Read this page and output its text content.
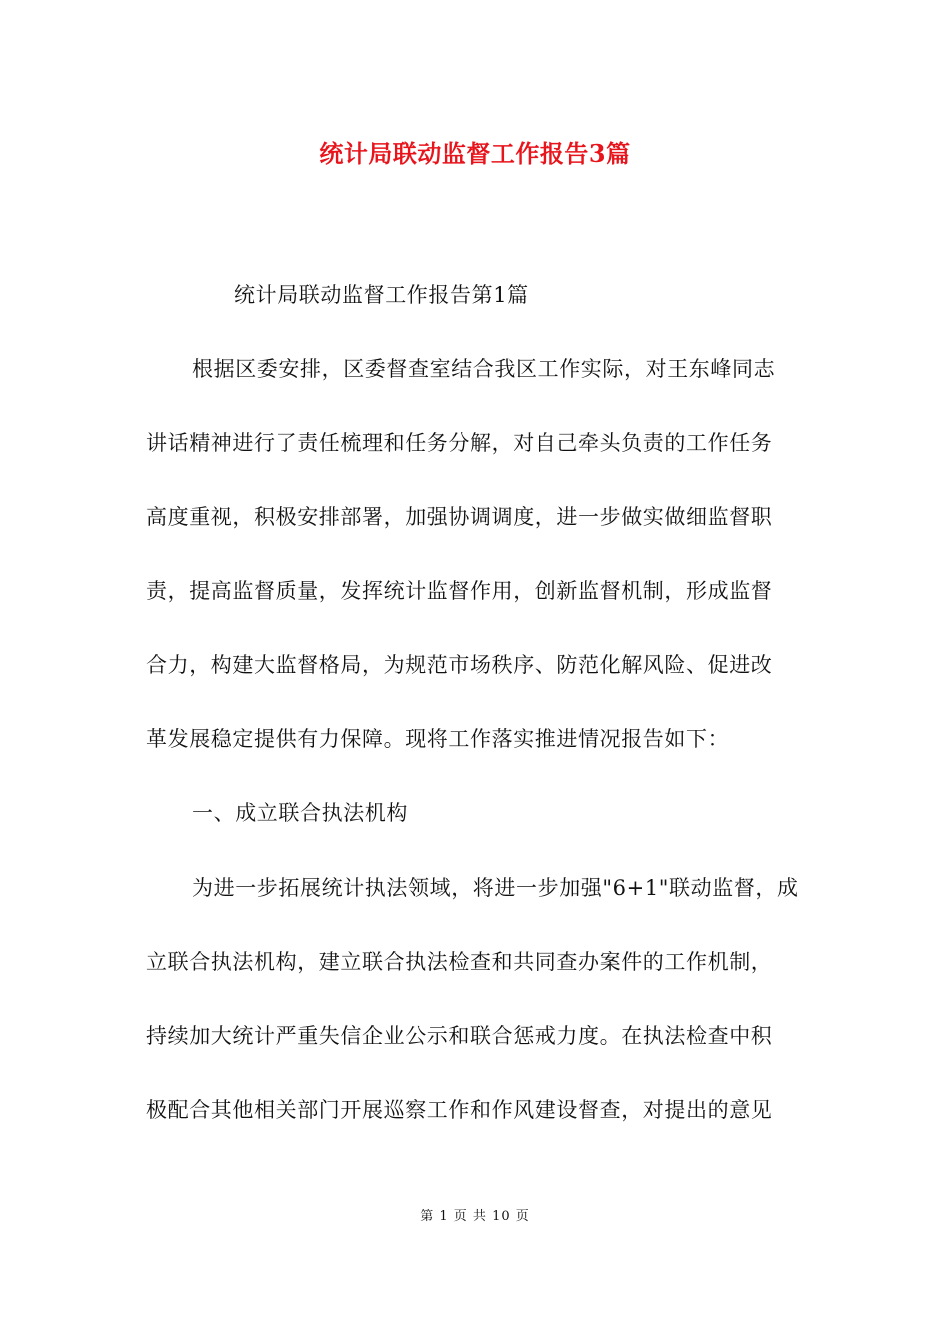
统计局联动监督工作报告3篇
统计局联动监督工作报告第1篇
根据区委安排，区委督查室结合我区工作实际，对王东峰同志
讲话精神进行了责任梳理和任务分解，对自己牵头负责的工作任务
高度重视，积极安排部署，加强协调调度，进一步做实做细监督职
责，提高监督质量，发挥统计监督作用，创新监督机制，形成监督
合力，构建大监督格局，为规范市场秩序、防范化解风险、促进改
革发展稳定提供有力保障。现将工作落实推进情况报告如下：
一、成立联合执法机构
为进一步拓展统计执法领域，将进一步加强"6+1"联动监督，成
立联合执法机构，建立联合执法检查和共同查办案件的工作机制，
持续加大统计严重失信企业公示和联合惩戒力度。在执法检查中积
极配合其他相关部门开展巡察工作和作风建设督查，对提出的意见
第 1 页 共 10 页
